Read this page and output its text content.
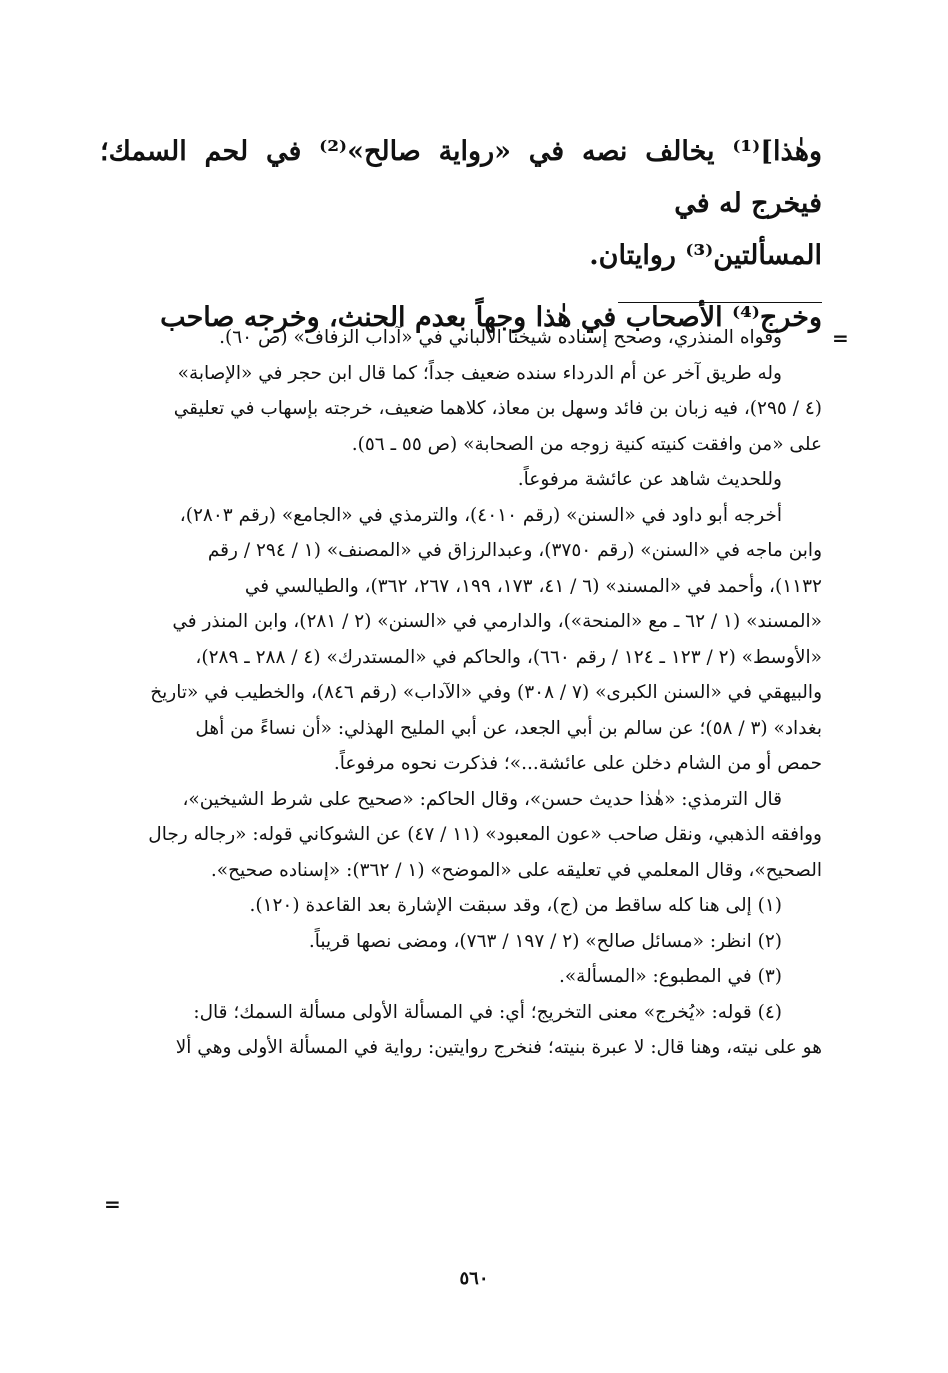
وهٰذا]⁽¹⁾ يخالف نصه في «رواية صالح»⁽²⁾ في لحم السمك؛ فيخرج له في
المسألتين⁽³⁾ روايتان.

وخرج⁽⁴⁾ الأصحاب في هٰذا وجهاً بعدم الحنث، وخرجه صاحب

=
وقواه المنذري، وصحح إسناده شيخنا الألباني في «آداب الزفاف» (ص ٦٠).
وله طريق آخر عن أم الدرداء سنده ضعيف جداً؛ كما قال ابن حجر في «الإصابة»
(٤ / ٢٩٥)، فيه زبان بن فائد وسهل بن معاذ، كلاهما ضعيف، خرجته بإسهاب في تعليقي
على «من وافقت كنيته كنية زوجه من الصحابة» (ص ٥٥ ـ ٥٦).
وللحديث شاهد عن عائشة مرفوعاً.
أخرجه أبو داود في «السنن» (رقم ٤٠١٠)، والترمذي في «الجامع» (رقم ٢٨٠٣)،
وابن ماجه في «السنن» (رقم ٣٧٥٠)، وعبدالرزاق في «المصنف» (١ / ٢٩٤ / رقم
١١٣٢)، وأحمد في «المسند» (٦ / ٤١، ١٧٣، ١٩٩، ٢٦٧، ٣٦٢)، والطيالسي في
«المسند» (١ / ٦٢ ـ مع «المنحة»)، والدارمي في «السنن» (٢ / ٢٨١)، وابن المنذر في
«الأوسط» (٢ / ١٢٣ ـ ١٢٤ / رقم ٦٦٠)، والحاكم في «المستدرك» (٤ / ٢٨٨ ـ ٢٨٩)،
والبيهقي في «السنن الكبرى» (٧ / ٣٠٨) وفي «الآداب» (رقم ٨٤٦)، والخطيب في «تاريخ
بغداد» (٣ / ٥٨)؛ عن سالم بن أبي الجعد، عن أبي المليح الهذلي: «أن نساءً من أهل
حمص أو من الشام دخلن على عائشة...»؛ فذكرت نحوه مرفوعاً.
قال الترمذي: «هٰذا حديث حسن»، وقال الحاكم: «صحيح على شرط الشيخين»،
ووافقه الذهبي، ونقل صاحب «عون المعبود» (١١ / ٤٧) عن الشوكاني قوله: «رجاله رجال
الصحيح»، وقال المعلمي في تعليقه على «الموضح» (١ / ٣٦٢): «إسناده صحيح».
(١) إلى هنا كله ساقط من (ج)، وقد سبقت الإشارة بعد القاعدة (١٢٠).
(٢) انظر: «مسائل صالح» (٢ / ١٩٧ / ٧٦٣)، ومضى نصها قريباً.
(٣) في المطبوع: «المسألة».
(٤) قوله: «يُخرج» معنى التخريج؛ أي: في المسألة الأولى مسألة السمك؛ قال:
هو على نيته، وهنا قال: لا عبرة بنيته؛ فنخرج روايتين: رواية في المسألة الأولى وهي ألا
=
٥٦٠
